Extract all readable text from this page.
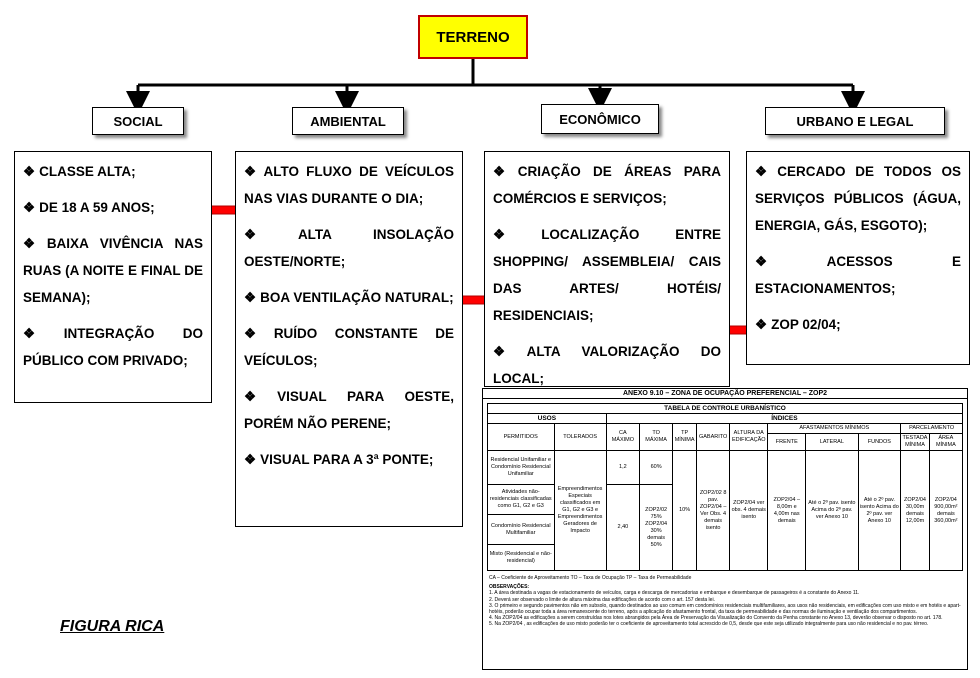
TERRENO
SOCIAL	AMBIENTAL	ECONÔMICO	URBANO E LEGAL
❖ CLASSE ALTA;
❖ DE 18 A 59 ANOS;
❖ BAIXA VIVÊNCIA NAS RUAS (A NOITE E FINAL DE SEMANA);
❖ INTEGRAÇÃO DO PÚBLICO COM PRIVADO;
❖ ALTO FLUXO DE VEÍCULOS NAS VIAS DURANTE O DIA;
❖ ALTA INSOLAÇÃO OESTE/NORTE;
❖ BOA VENTILAÇÃO NATURAL;
❖ RUÍDO CONSTANTE DE VEÍCULOS;
❖ VISUAL PARA OESTE, PORÉM NÃO PERENE;
❖ VISUAL PARA A 3ª PONTE;
❖ CRIAÇÃO DE ÁREAS PARA COMÉRCIOS E SERVIÇOS;
❖ LOCALIZAÇÃO ENTRE SHOPPING/ ASSEMBLEIA/ CAIS DAS ARTES/ HOTÉIS/ RESIDENCIAIS;
❖ ALTA VALORIZAÇÃO DO LOCAL;
❖ CERCADO DE TODOS OS SERVIÇOS PÚBLICOS (ÁGUA, ENERGIA, GÁS, ESGOTO);
❖ ACESSOS E ESTACIONAMENTOS;
❖ ZOP 02/04;
ANEXO 9.10 – ZONA DE OCUPAÇÃO PREFERENCIAL – ZOP2
TABELA DE CONTROLE URBANÍSTICO											
USOS		ÍNDICES									
PERMITIDOS	TOLERADOS	CA MÁXIMO	TO MÁXIMA	TP MÍNIMA	GABARITO	ALTURA DA EDIFICAÇÃO	AFASTAMENTOS MÍNIMOS			PARCELAMENTO	
							FRENTE	LATERAL	FUNDOS	TESTADA MÍNIMA	ÁREA MÍNIMA
Residencial Unifamiliar e Condomínio Residencial Unifamiliar	Empreendimentos Especiais classificados em G1, G2 e G3 e Empreendimentos Geradores de Impacto	1,2	60%	10%	ZOP2/02 8 pav. ZOP2/04 – Ver Obs. 4 demais isento	ZOP2/04 ver obs. 4 demais isento	ZOP2/04 – 8,00m e 4,00m nas demais	Até o 2º pav. isento Acima do 2º pav. ver Anexo 10	Até o 2º pav. isento Acima do 2º pav. ver Anexo 10	ZOP2/04 30,00m demais 12,00m	ZOP2/04 900,00m² demais 360,00m²
Atividades não-residenciais classificadas como G1, G2 e G3		2,40	ZOP2/02 75% ZOP2/04 30% demais 50%								
Condomínio Residencial Multifamiliar											
Misto (Residencial e não-residencial)											
CA – Coeficiente de Aproveitamento TO – Taxa de Ocupação TP – Taxa de Permeabilidade
OBSERVAÇÕES:
1. A área destinada a vagas de estacionamento de veículos, carga e descarga de mercadorias e embarque e desembarque de passageiros é a constante do Anexo 11.
2. Deverá ser observado o limite de altura máxima das edificações de acordo com o art. 157 desta lei.
3. O primeiro e segundo pavimentos não em subsolo, quando destinados ao uso comum em condomínios residenciais multifamiliares, aos usos não residenciais, em edificações com uso misto e em hotéis e apart-hotéis, poderão ocupar toda a área remanescente do terreno, após a aplicação do afastamento frontal, da taxa de permeabilidade e das normas de iluminação e ventilação dos compartimentos.
4. Na ZOP2/04 as edificações a serem construídas nos lotes abrangidos pela Área de Preservação da Visualização do Convento da Penha constante no Anexo 13, deverão observar o disposto no art. 178.
5. Na ZOP2/04 , as edificações de uso misto poderão ter o coeficiente de aproveitamento total acrescido de 0,5, desde que este seja utilizado integralmente para uso não residencial e no pav. térreo.
FIGURA RICA
